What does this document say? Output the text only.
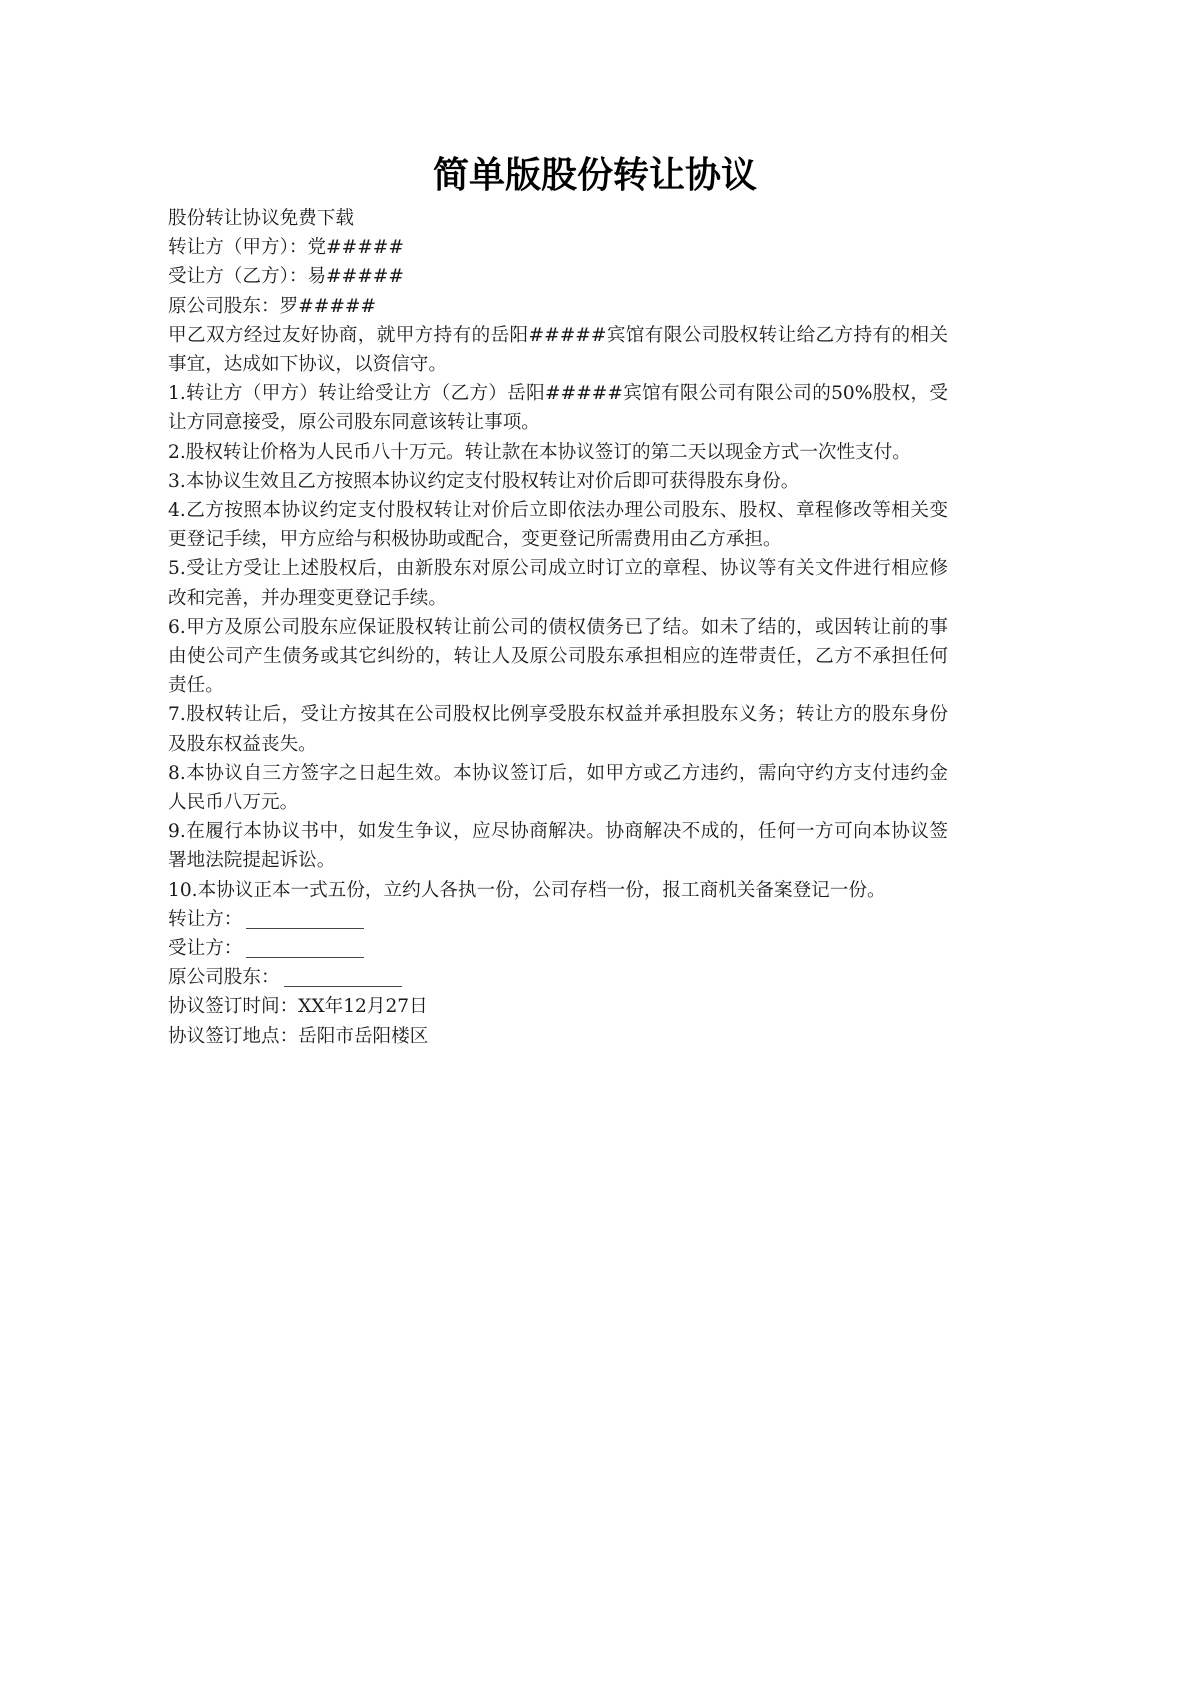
简单版股份转让协议
股份转让协议免费下载
转让方（甲方）：党#####
受让方（乙方）：易#####
原公司股东：罗#####
甲乙双方经过友好协商，就甲方持有的岳阳#####宾馆有限公司股权转让给乙方持有的相关事宜，达成如下协议，以资信守。
1.转让方（甲方）转让给受让方（乙方）岳阳#####宾馆有限公司有限公司的50%股权，受让方同意接受，原公司股东同意该转让事项。
2.股权转让价格为人民币八十万元。转让款在本协议签订的第二天以现金方式一次性支付。
3.本协议生效且乙方按照本协议约定支付股权转让对价后即可获得股东身份。
4.乙方按照本协议约定支付股权转让对价后立即依法办理公司股东、股权、章程修改等相关变更登记手续，甲方应给与积极协助或配合，变更登记所需费用由乙方承担。
5.受让方受让上述股权后，由新股东对原公司成立时订立的章程、协议等有关文件进行相应修改和完善，并办理变更登记手续。
6.甲方及原公司股东应保证股权转让前公司的债权债务已了结。如未了结的，或因转让前的事由使公司产生债务或其它纠纷的，转让人及原公司股东承担相应的连带责任，乙方不承担任何责任。
7.股权转让后，受让方按其在公司股权比例享受股东权益并承担股东义务；转让方的股东身份及股东权益丧失。
8.本协议自三方签字之日起生效。本协议签订后，如甲方或乙方违约，需向守约方支付违约金人民币八万元。
9.在履行本协议书中，如发生争议，应尽协商解决。协商解决不成的，任何一方可向本协议签署地法院提起诉讼。
10.本协议正本一式五份，立约人各执一份，公司存档一份，报工商机关备案登记一份。
转让方：
受让方：
原公司股东：
协议签订时间：XX年12月27日
协议签订地点：岳阳市岳阳楼区
